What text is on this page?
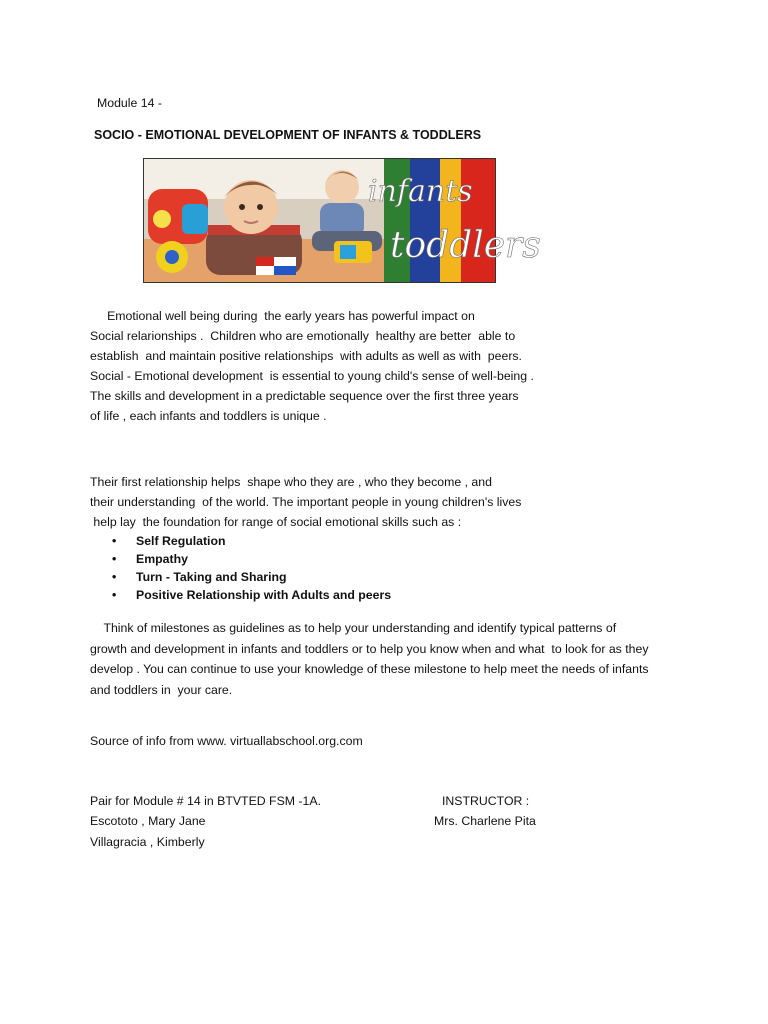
Module 14 -
SOCIO - EMOTIONAL DEVELOPMENT OF INFANTS & TODDLERS
infants
toddlers
Emotional well being during  the early years has powerful impact on
Social relarionships .  Children who are emotionally  healthy are better  able to
establish  and maintain positive relationships  with adults as well as with  peers.
Social - Emotional development  is essential to young child's sense of well-being .
The skills and development in a predictable sequence over the first three years
of life , each infants and toddlers is unique .
Their first relationship helps  shape who they are , who they become , and
their understanding  of the world. The important people in young children's lives
help lay  the foundation for range of social emotional skills such as :
• Self Regulation
• Empathy
• Turn - Taking and Sharing
• Positive Relationship with Adults and peers
Think of milestones as guidelines as to help your understanding and identify typical patterns of
growth and development in infants and toddlers or to help you know when and what  to look for as they
develop . You can continue to use your knowledge of these milestone to help meet the needs of infants
and toddlers in  your care.
Source of info from www. virtuallabschool.org.com
Pair for Module # 14 in BTVTED FSM -1A.
Escototo , Mary Jane
Villagracia , Kimberly
INSTRUCTOR :
Mrs. Charlene Pita
